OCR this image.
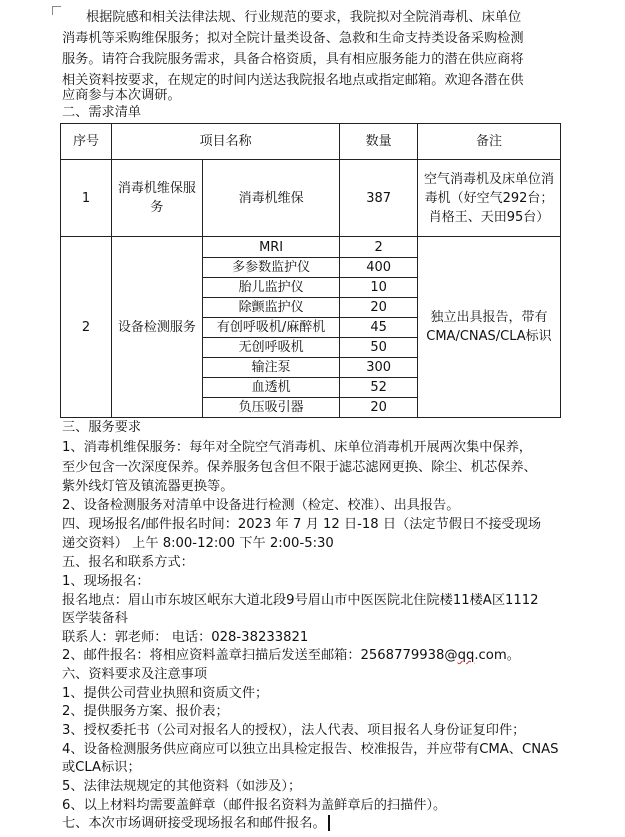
根据院感和相关法律法规、行业规范的要求，我院拟对全院消毒机、床单位
消毒机等采购维保服务；拟对全院计量类设备、急救和生命支持类设备采购检测
服务。请符合我院服务需求，具备合格资质，具有相应服务能力的潜在供应商将
相关资料按要求，在规定的时间内送达我院报名地点或指定邮箱。欢迎各潜在供
应商参与本次调研。
二、需求清单
序号	项目名称		数量	备注
1	消毒机维保服务	消毒机维保	387	空气消毒机及床单位消毒机（好空气292台；肖格王、天田95台）
2	设备检测服务	MRI	2	独立出具报告，带有CMA/CNAS/CLA标识
		多参数监护仪	400	
		胎儿监护仪	10	
		除颤监护仪	20	
		有创呼吸机/麻醉机	45	
		无创呼吸机	50	
		输注泵	300	
		血透机	52	
		负压吸引器	20	
三、服务要求
1、消毒机维保服务：每年对全院空气消毒机、床单位消毒机开展两次集中保养，
至少包含一次深度保养。保养服务包含但不限于滤芯滤网更换、除尘、机芯保养、
紫外线灯管及镇流器更换等。
2、设备检测服务对清单中设备进行检测（检定、校准）、出具报告。
四、现场报名/邮件报名时间：2023 年 7 月 12 日-18 日（法定节假日不接受现场
递交资料） 上午 8:00-12:00 下午 2:00-5:30
五、报名和联系方式：
1、现场报名：
报名地点：眉山市东坡区岷东大道北段9号眉山市中医医院北住院楼11楼A区1112
医学装备科
联系人：郭老师： 电话：028-38233821
2、邮件报名：将相应资料盖章扫描后发送至邮箱：2568779938@qq.com。
六、资料要求及注意事项
1、提供公司营业执照和资质文件；
2、提供服务方案、报价表；
3、授权委托书（公司对报名人的授权），法人代表、项目报名人身份证复印件；
4、设备检测服务供应商应可以独立出具检定报告、校准报告，并应带有CMA、CNAS
或CLA标识；
5、法律法规规定的其他资料（如涉及）；
6、以上材料均需要盖鲜章（邮件报名资料为盖鲜章后的扫描件）。
七、本次市场调研接受现场报名和邮件报名。
